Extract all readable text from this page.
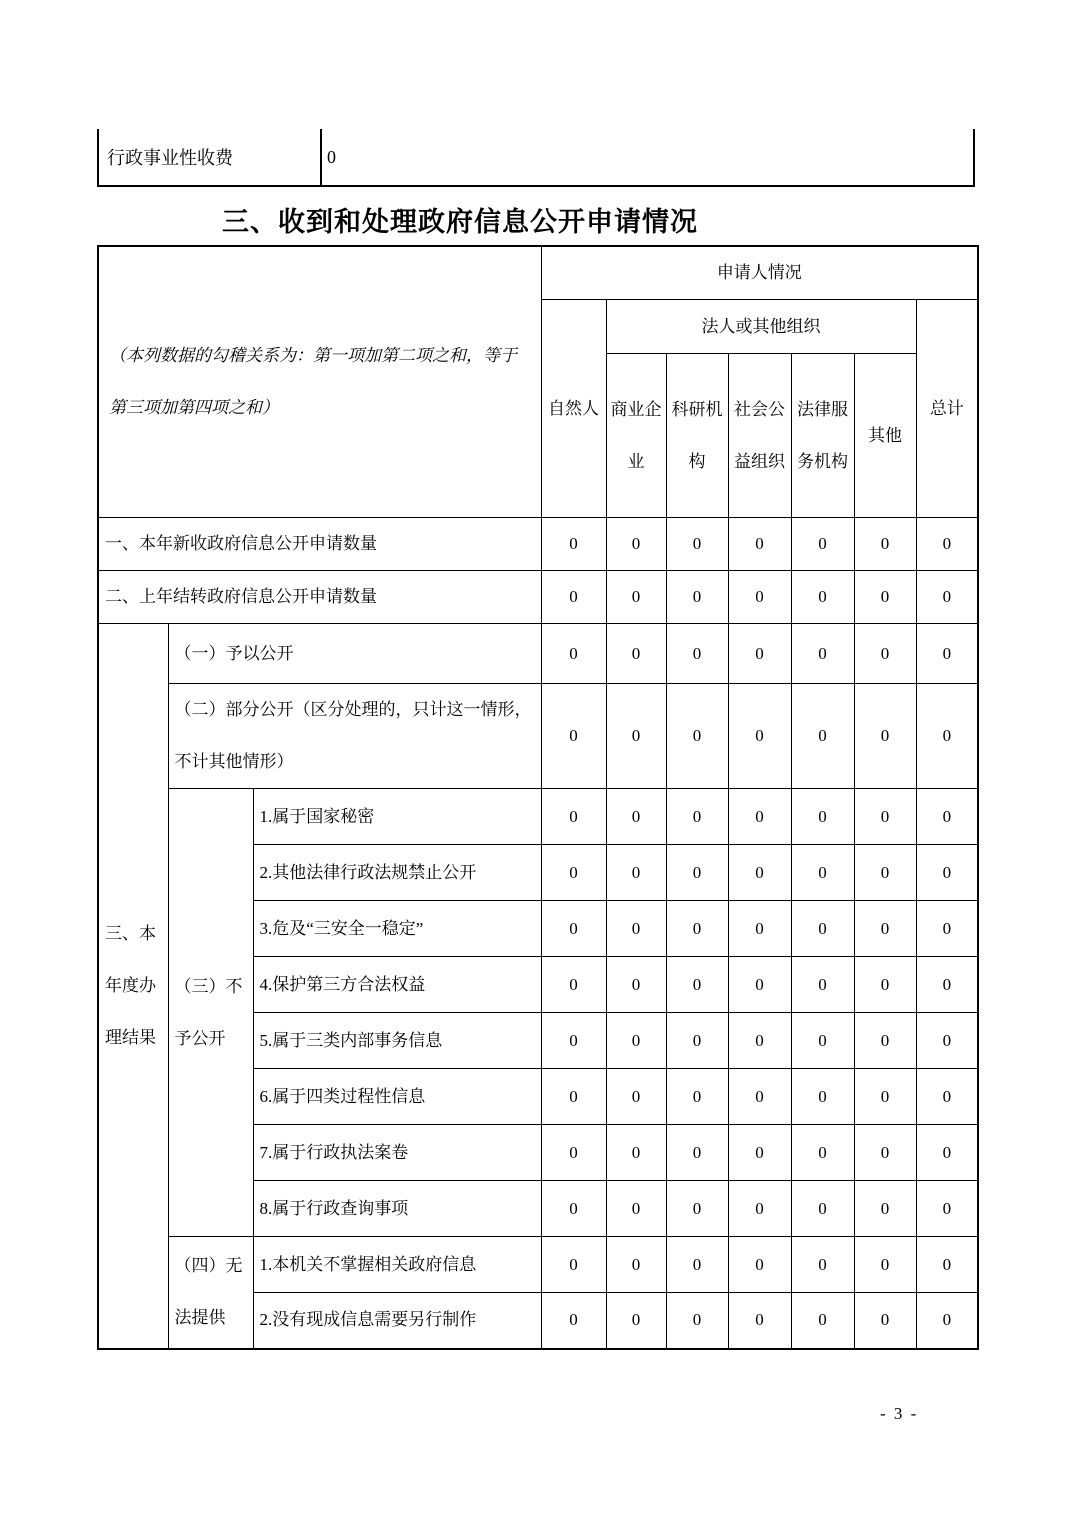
行政事业性收费	0
三、收到和处理政府信息公开申请情况
（本列数据的勾稽关系为：第一项加第二项之和，等于第三项加第四项之和）			申请人情况						
			自然人	法人或其他组织					总计
				商业企业	科研机构	社会公益组织	法律服务机构	其他	
一、本年新收政府信息公开申请数量			0	0	0	0	0	0	0
二、上年结转政府信息公开申请数量			0	0	0	0	0	0	0
三、本年度办理结果	（一）予以公开		0	0	0	0	0	0	0
	（二）部分公开（区分处理的，只计这一情形，不计其他情形）		0	0	0	0	0	0	0
	（三）不予公开	1.属于国家秘密	0	0	0	0	0	0	0
		2.其他法律行政法规禁止公开	0	0	0	0	0	0	0
		3.危及“三安全一稳定”	0	0	0	0	0	0	0
		4.保护第三方合法权益	0	0	0	0	0	0	0
		5.属于三类内部事务信息	0	0	0	0	0	0	0
		6.属于四类过程性信息	0	0	0	0	0	0	0
		7.属于行政执法案卷	0	0	0	0	0	0	0
		8.属于行政查询事项	0	0	0	0	0	0	0
	（四）无法提供	1.本机关不掌握相关政府信息	0	0	0	0	0	0	0
		2.没有现成信息需要另行制作	0	0	0	0	0	0	0
- 3 -
